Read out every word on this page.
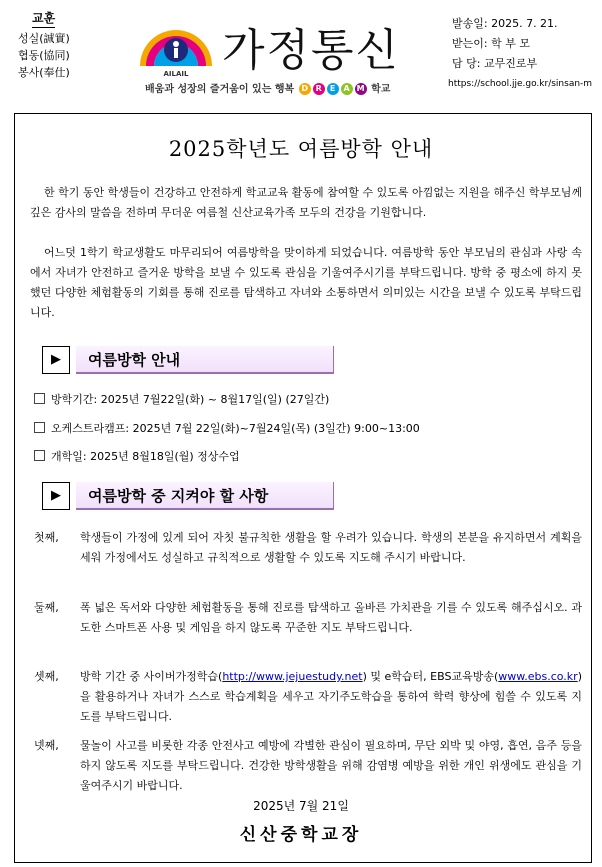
교훈
성실(誠實)
협동(協同)
봉사(奉仕)	AILAIL 가정통신
배움과 성장의 즐거움이 있는 행복 D R E A M 학교
발송일: 2025. 7. 21.
받는이: 학 부 모
담 당: 교무진로부
https://school.jje.go.kr/sinsan-m
2025학년도 여름방학 안내
한 학기 동안 학생들이 건강하고 안전하게 학교교육 활동에 참여할 수 있도록 아낌없는 지원을 해주신 학부모님께 깊은 감사의 말씀을 전하며 무더운 여름철 신산교육가족 모두의 건강을 기원합니다.
어느덧 1학기 학교생활도 마무리되어 여름방학을 맞이하게 되었습니다. 여름방학 동안 부모님의 관심과 사랑 속에서 자녀가 안전하고 즐거운 방학을 보낼 수 있도록 관심을 기울여주시기를 부탁드립니다. 방학 중 평소에 하지 못했던 다양한 체험활동의 기회를 통해 진로를 탐색하고 자녀와 소통하면서 의미있는 시간을 보낼 수 있도록 부탁드립니다.
▶	여름방학 안내
방학기간: 2025년 7월22일(화) ~ 8월17일(일) (27일간)
오케스트라캠프: 2025년 7월 22일(화)~7월24일(목) (3일간) 9:00~13:00
개학일: 2025년 8월18일(월) 정상수업
▶	여름방학 중 지켜야 할 사항
첫째, 학생들이 가정에 있게 되어 자칫 불규칙한 생활을 할 우려가 있습니다. 학생의 본분을 유지하면서 계획을 세워 가정에서도 성실하고 규칙적으로 생활할 수 있도록 지도해 주시기 바랍니다.
둘째, 폭 넓은 독서와 다양한 체험활동을 통해 진로를 탐색하고 올바른 가치관을 기를 수 있도록 해주십시오. 과도한 스마트폰 사용 및 게임을 하지 않도록 꾸준한 지도 부탁드립니다.
셋째, 방학 기간 중 사이버가정학습(http://www.jejuestudy.net) 및 e학습터, EBS교육방송(www.ebs.co.kr)을 활용하거나 자녀가 스스로 학습계획을 세우고 자기주도학습을 통하여 학력 향상에 힘쓸 수 있도록 지도를 부탁드립니다.
넷째, 물놀이 사고를 비롯한 각종 안전사고 예방에 각별한 관심이 필요하며, 무단 외박 및 야영, 흡연, 음주 등을 하지 않도록 지도를 부탁드립니다. 건강한 방학생활을 위해 감염병 예방을 위한 개인 위생에도 관심을 기울여주시기 바랍니다.
2025년 7월 21일
신산중학교장
